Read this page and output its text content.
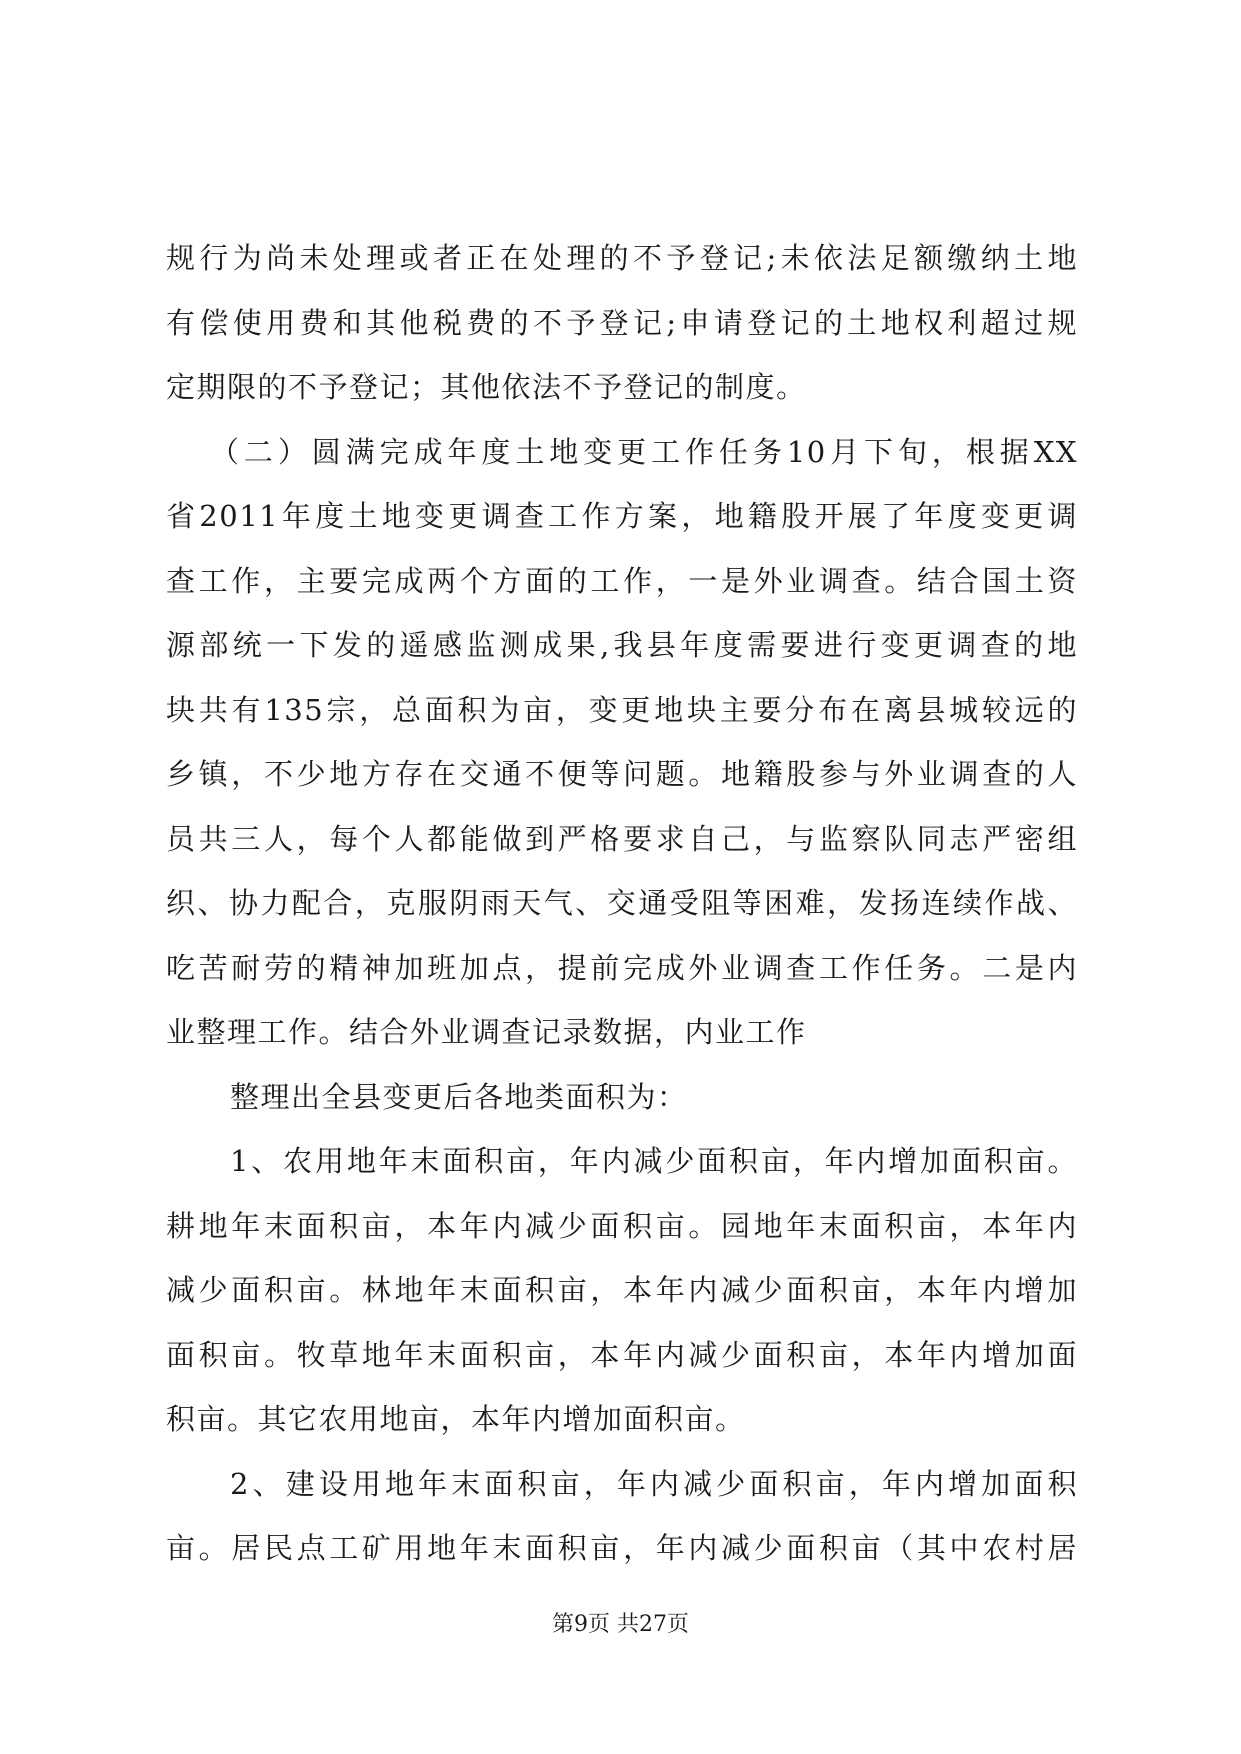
规行为尚未处理或者正在处理的不予登记;未依法足额缴纳土地
有偿使用费和其他税费的不予登记;申请登记的土地权利超过规
定期限的不予登记；其他依法不予登记的制度。
（二）圆满完成年度土地变更工作任务10月下旬，根据XX
省2011年度土地变更调查工作方案，地籍股开展了年度变更调
查工作，主要完成两个方面的工作，一是外业调查。结合国土资
源部统一下发的遥感监测成果,我县年度需要进行变更调查的地
块共有135宗，总面积为亩，变更地块主要分布在离县城较远的
乡镇，不少地方存在交通不便等问题。地籍股参与外业调查的人
员共三人，每个人都能做到严格要求自己，与监察队同志严密组
织、协力配合，克服阴雨天气、交通受阻等困难，发扬连续作战、
吃苦耐劳的精神加班加点，提前完成外业调查工作任务。二是内
业整理工作。结合外业调查记录数据，内业工作
整理出全县变更后各地类面积为：
1、农用地年末面积亩，年内减少面积亩，年内增加面积亩。
耕地年末面积亩，本年内减少面积亩。园地年末面积亩，本年内
减少面积亩。林地年末面积亩，本年内减少面积亩，本年内增加
面积亩。牧草地年末面积亩，本年内减少面积亩，本年内增加面
积亩。其它农用地亩，本年内增加面积亩。
2、建设用地年末面积亩，年内减少面积亩，年内增加面积
亩。居民点工矿用地年末面积亩，年内减少面积亩（其中农村居
第9页 共27页
